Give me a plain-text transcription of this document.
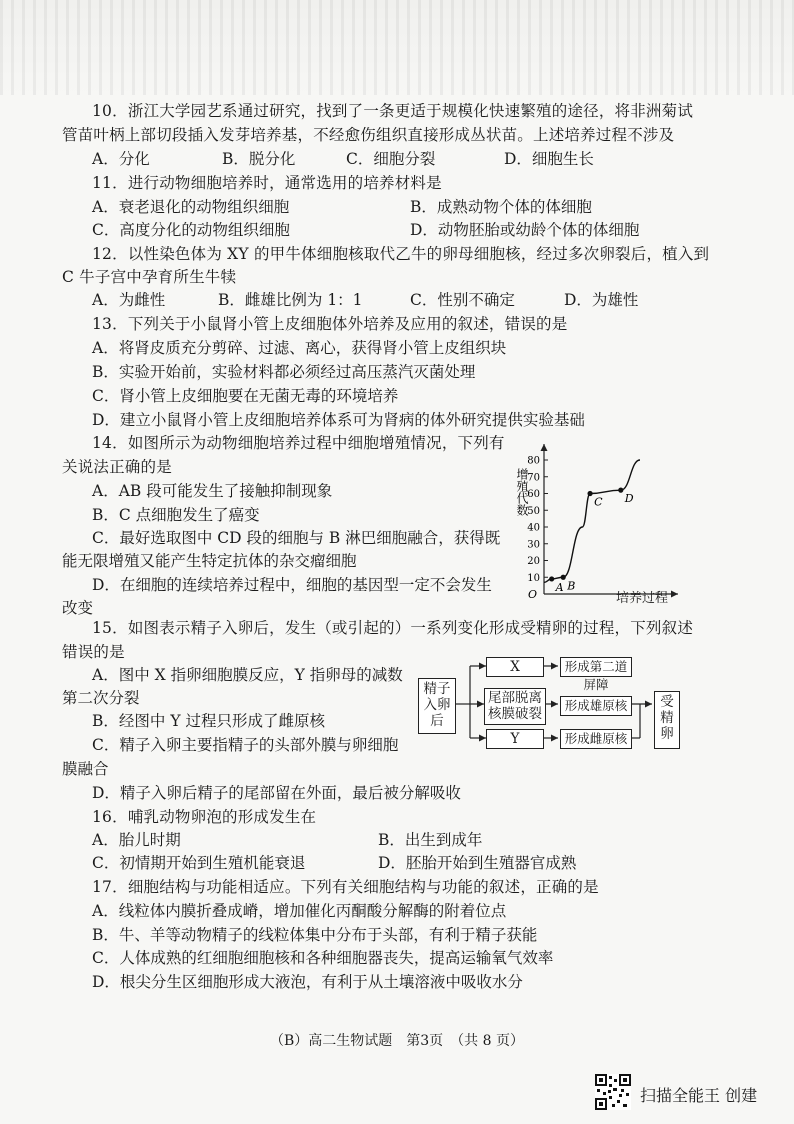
10．浙江大学园艺系通过研究，找到了一条更适于规模化快速繁殖的途径，将非洲菊试
管苗叶柄上部切段插入发芽培养基，不经愈伤组织直接形成丛状苗。上述培养过程不涉及
A．分化	B．脱分化	C．细胞分裂	D．细胞生长
11．进行动物细胞培养时，通常选用的培养材料是
A．衰老退化的动物组织细胞	B．成熟动物个体的体细胞
C．高度分化的动物组织细胞	D．动物胚胎或幼龄个体的体细胞
12．以性染色体为 XY 的甲牛体细胞核取代乙牛的卵母细胞核，经过多次卵裂后，植入到
C 牛子宫中孕育所生牛犊
A．为雌性	B．雌雄比例为 1：1	C．性别不确定	D．为雄性
13．下列关于小鼠肾小管上皮细胞体外培养及应用的叙述，错误的是
A．将肾皮质充分剪碎、过滤、离心，获得肾小管上皮组织块
B．实验开始前，实验材料都必须经过高压蒸汽灭菌处理
C．肾小管上皮细胞要在无菌无毒的环境培养
D．建立小鼠肾小管上皮细胞培养体系可为肾病的体外研究提供实验基础
14．如图所示为动物细胞培养过程中细胞增殖情况，下列有
关说法正确的是
A．AB 段可能发生了接触抑制现象
B．C 点细胞发生了癌变
C．最好选取图中 CD 段的细胞与 B 淋巴细胞融合，获得既
能无限增殖又能产生特定抗体的杂交瘤细胞
D．在细胞的连续培养过程中，细胞的基因型一定不会发生
改变
增殖代数
O
10
20
30
40
50
60
70
80
A B
C D
培养过程
15．如图表示精子入卵后，发生（或引起的）一系列变化形成受精卵的过程，下列叙述
错误的是
A．图中 X 指卵细胞膜反应，Y 指卵母的减数
第二次分裂
B．经图中 Y 过程只形成了雌原核
C．精子入卵主要指精子的头部外膜与卵细胞
膜融合
D．精子入卵后精子的尾部留在外面，最后被分解吸收
精子
入卵
后
X
尾部脱离
核膜破裂
Y
形成第二道屏障
形成雄原核
形成雌原核
受
精
卵
16．哺乳动物卵泡的形成发生在
A．胎儿时期	B．出生到成年
C．初情期开始到生殖机能衰退	D．胚胎开始到生殖器官成熟
17．细胞结构与功能相适应。下列有关细胞结构与功能的叙述，正确的是
A．线粒体内膜折叠成嵴，增加催化丙酮酸分解酶的附着位点
B．牛、羊等动物精子的线粒体集中分布于头部，有利于精子获能
C．人体成熟的红细胞细胞核和各种细胞器丧失，提高运输氧气效率
D．根尖分生区细胞形成大液泡，有利于从土壤溶液中吸收水分
（B）高二生物试题　第3页　（共 8 页）
扫描全能王 创建
